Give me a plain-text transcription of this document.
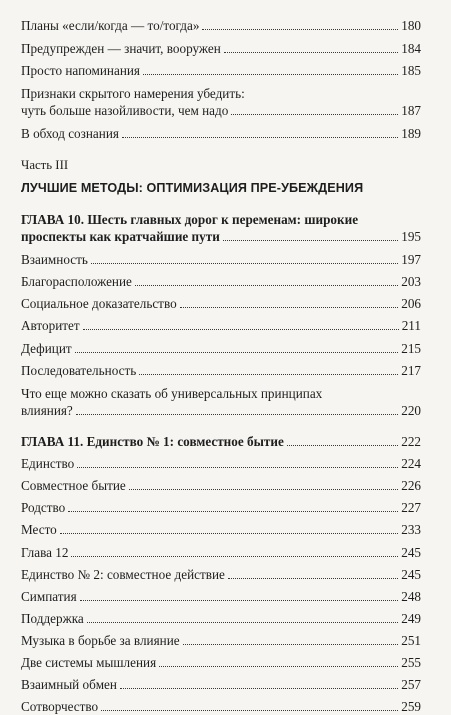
Планы «если/когда — то/тогда»	180
Предупрежден — значит, вооружен	184
Просто напоминания	185
Признаки скрытого намерения убедить:
чуть больше назойливости, чем надо	187
В обход сознания	189
Часть III
ЛУЧШИЕ МЕТОДЫ: ОПТИМИЗАЦИЯ ПРЕ-УБЕЖДЕНИЯ
ГЛАВА 10. Шесть главных дорог к переменам: широкие
проспекты как кратчайшие пути	195
Взаимность	197
Благорасположение	203
Социальное доказательство	206
Авторитет	211
Дефицит	215
Последовательность	217
Что еще можно сказать об универсальных принципах
влияния?	220
ГЛАВА 11. Единство № 1: совместное бытие	222
Единство	224
Совместное бытие	226
Родство	227
Место	233
Глава 12	245
Единство № 2: совместное действие	245
Симпатия	248
Поддержка	249
Музыка в борьбе за влияние	251
Две системы мышления	255
Взаимный обмен	257
Сотворчество	259
